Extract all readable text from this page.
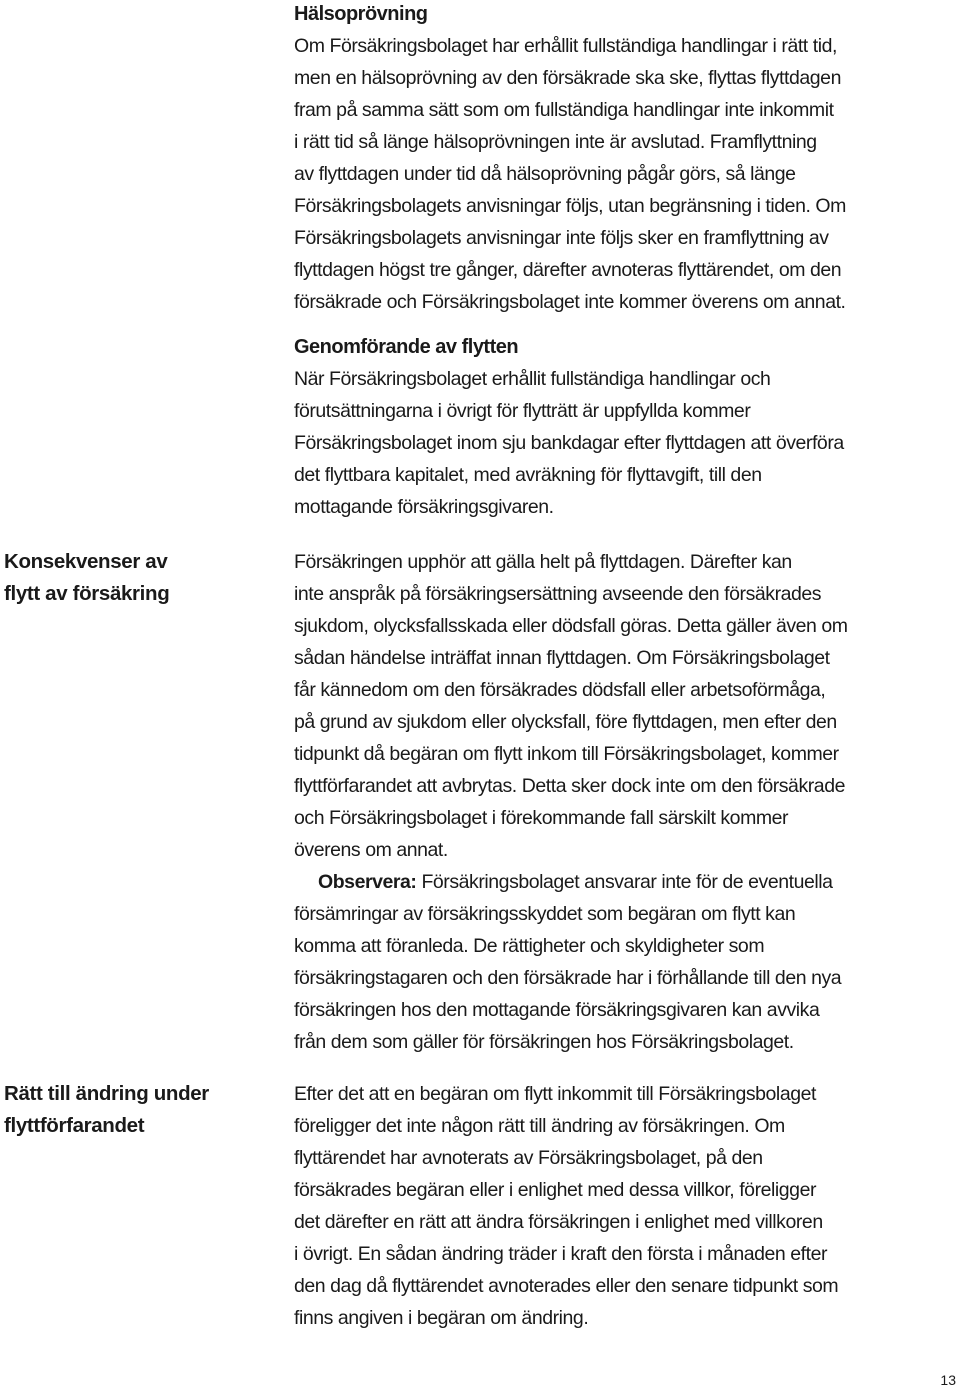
Konsekvenser av
flytt av försäkring
Rätt till ändring under
flyttförfarandet
Hälsoprövning
Om Försäkringsbolaget har erhållit fullständiga handlingar i rätt tid,
men en hälsoprövning av den försäkrade ska ske, flyttas flyttdagen
fram på samma sätt som om fullständiga handlingar inte inkommit
i rätt tid så länge hälsoprövningen inte är avslutad. Framflyttning
av flyttdagen under tid då hälsoprövning pågår görs, så länge
Försäkringsbolagets anvisningar följs, utan begränsning i tiden. Om
Försäkringsbolagets anvisningar inte följs sker en framflyttning av
flyttdagen högst tre gånger, därefter avnoteras flyttärendet, om den
försäkrade och Försäkringsbolaget inte kommer överens om annat.
Genomförande av flytten
När Försäkringsbolaget erhållit fullständiga handlingar och
förutsättningarna i övrigt för flytträtt är uppfyllda kommer
Försäkringsbolaget inom sju bankdagar efter flyttdagen att överföra
det flyttbara kapitalet, med avräkning för flyttavgift, till den
mottagande försäkringsgivaren.
Försäkringen upphör att gälla helt på flyttdagen. Därefter kan
inte anspråk på försäkringsersättning avseende den försäkrades
sjukdom, olycksfallsskada eller dödsfall göras. Detta gäller även om
sådan händelse inträffat innan flyttdagen. Om Försäkringsbolaget
får kännedom om den försäkrades dödsfall eller arbetsoförmåga,
på grund av sjukdom eller olycksfall, före flyttdagen, men efter den
tidpunkt då begäran om flytt inkom till Försäkringsbolaget, kommer
flyttförfarandet att avbrytas. Detta sker dock inte om den försäkrade
och Försäkringsbolaget i förekommande fall särskilt kommer
överens om annat.
Observera: Försäkringsbolaget ansvarar inte för de eventuella
försämringar av försäkringsskyddet som begäran om flytt kan
komma att föranleda. De rättigheter och skyldigheter som
försäkringstagaren och den försäkrade har i förhållande till den nya
försäkringen hos den mottagande försäkringsgivaren kan avvika
från dem som gäller för försäkringen hos Försäkringsbolaget.
Efter det att en begäran om flytt inkommit till Försäkringsbolaget
föreligger det inte någon rätt till ändring av försäkringen. Om
flyttärendet har avnoterats av Försäkringsbolaget, på den
försäkrades begäran eller i enlighet med dessa villkor, föreligger
det därefter en rätt att ändra försäkringen i enlighet med villkoren
i övrigt. En sådan ändring träder i kraft den första i månaden efter
den dag då flyttärendet avnoterades eller den senare tidpunkt som
finns angiven i begäran om ändring.
13
